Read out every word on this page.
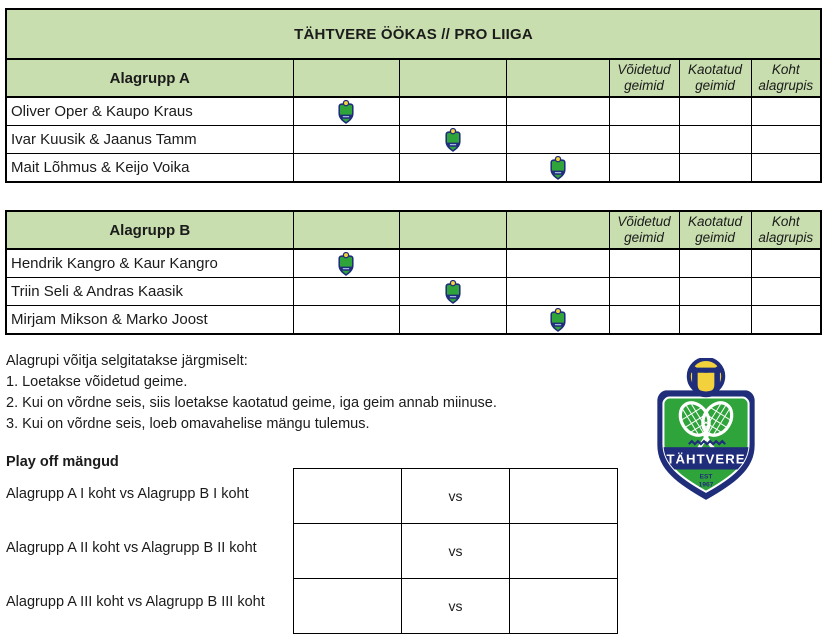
TÄHTVERE ÖÖKAS // PRO LIIGA						
Alagrupp A				Võidetud geimid	Kaotatud geimid	Koht alagrupis
Oliver Oper & Kaupo Kraus						
Ivar Kuusik & Jaanus Tamm						
Mait Lõhmus & Keijo Voika						
Alagrupp B				Võidetud geimid	Kaotatud geimid	Koht alagrupis
Hendrik Kangro & Kaur Kangro						
Triin Seli & Andras Kaasik						
Mirjam Mikson & Marko Joost						
Alagrupi võitja selgitatakse järgmiselt:
1. Loetakse võidetud geime.
2. Kui on võrdne seis, siis loetakse kaotatud geime, iga geim annab miinuse.
3. Kui on võrdne seis, loeb omavahelise mängu tulemus.
Play off mängud
Alagrupp A I koht vs Alagrupp B I koht
Alagrupp A II koht vs Alagrupp B II koht
Alagrupp A III koht vs Alagrupp B III koht
	vs	
	vs	
	vs	
TÄHTVERE
EST
1967
